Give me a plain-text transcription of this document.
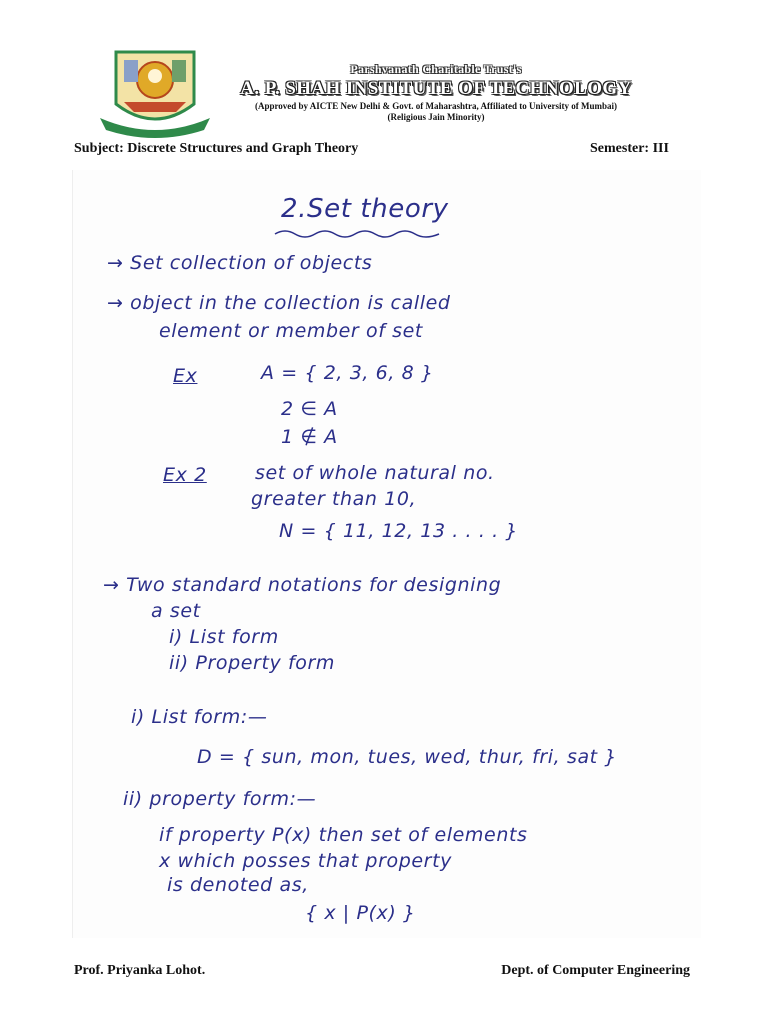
Parshvanath Charitable Trust's
A. P. SHAH INSTITUTE OF TECHNOLOGY
(Approved by AICTE New Delhi & Govt. of Maharashtra, Affiliated to University of Mumbai)
(Religious Jain Minority)
Subject: Discrete Structures and Graph Theory	Semester: III
2.Set theory
→ Set collection of objects
→ object in the collection is called
element or member of set
Ex	A = { 2, 3, 6, 8 }
2 ∈ A
1 ∉ A
Ex 2	set of whole natural no.
greater than 10,
N = { 11, 12, 13 . . . . }
→ Two standard notations for designing
a set
i) List form
ii) Property form
i) List form:—
D = { sun, mon, tues, wed, thur, fri, sat }
ii) property form:—
if property P(x) then set of elements
x which posses that property
is denoted as,
{ x | P(x) }
Prof. Priyanka Lohot.	Dept. of Computer Engineering
